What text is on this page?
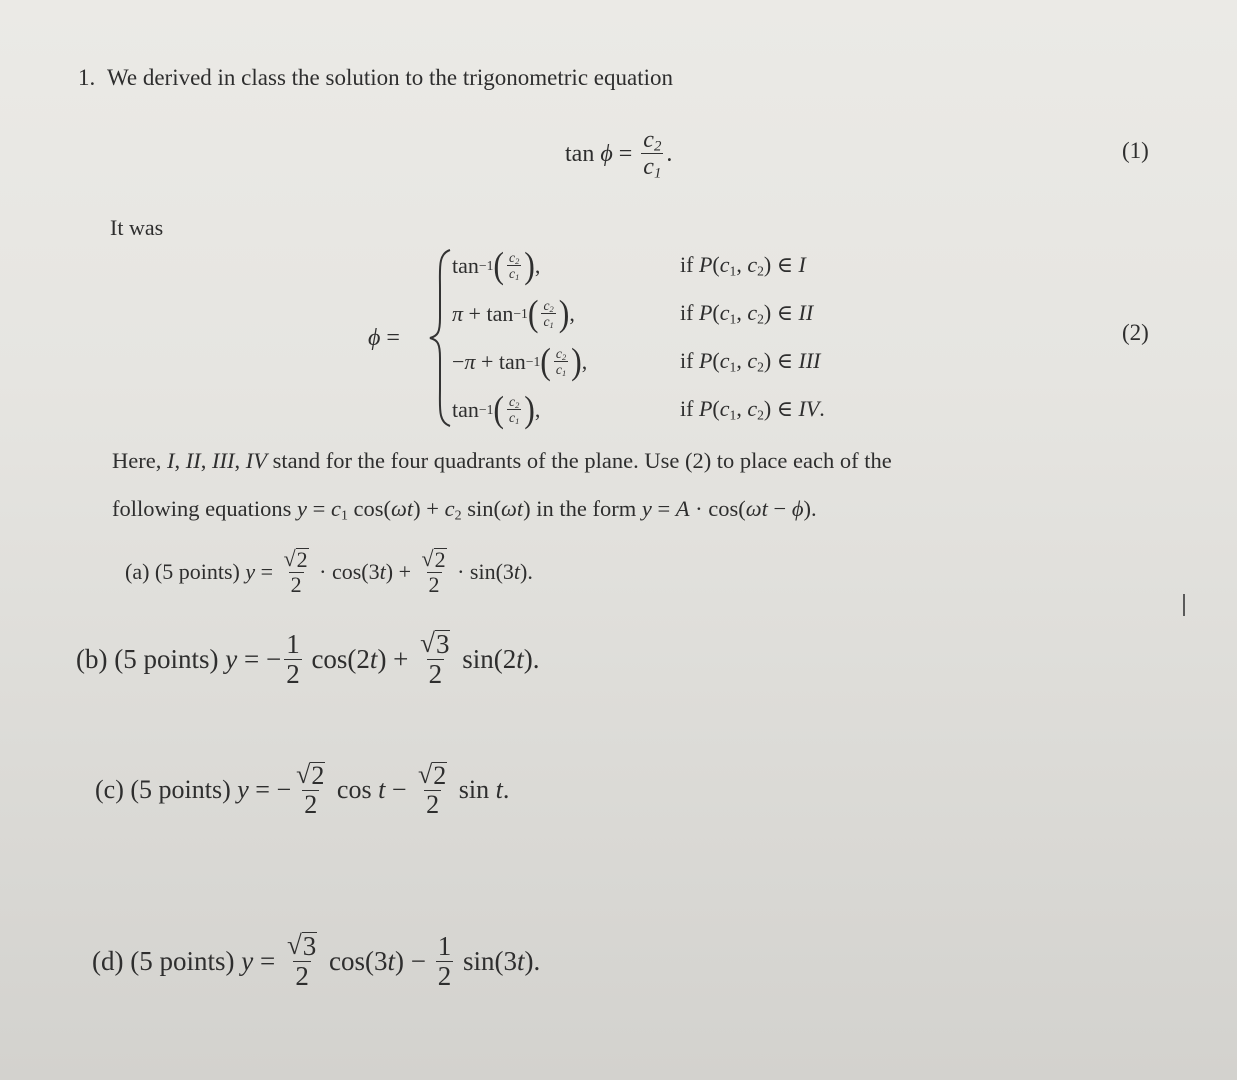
1. We derived in class the solution to the trigonometric equation
tan
$\phi = \frac{c_2}{c_1}$ .	(1)
It was
ϕ =
tan −1 ( $\frac{c_2}{c_1}$ ) ,	if $P(c_1$, $c_2$) ∈ I
π + tan −1 ( $\frac{c_2}{c_1}$ ) ,	if $P(c_1$, $c_2$) ∈ II
(2)
− π + tan −1 ( $\frac{c_2}{c_1}$ ) ,	if $P(c_1$, $c_2$) ∈ III
tan −1 ( $\frac{c_2}{c_1}$ ) ,	if $P(c_1$, $c_2$) ∈ IV.
Here, I, II, III, IV stand for the four quadrants of the plane. Use (2) to place each of the
following equations $y = c_1$ $\cos(\omega t) + c_2$ sin(ωt) in the form y = A · cos(ωt − ϕ).
(a)
(5 points)
$y = \frac{√ 2}{2} \cdot \cos(3$ t ) + $\frac{√ 2}{2} \cdot \sin(3$ t ).
(b)
(5 points)
y = − $\frac{1}{2} \cos(2$ t ) + $\frac{√ 3}{2} \sin(2$ t ).
(c)
(5 points)
y = − $\frac{√ 2}{2}$ $\cos t - \frac{√ 2}{2}$ sin t .
(d)
(5 points)
$y = \frac{√ 3}{2} \cos(3$ t ) − $\frac{1}{2} \sin(3$ t ).
